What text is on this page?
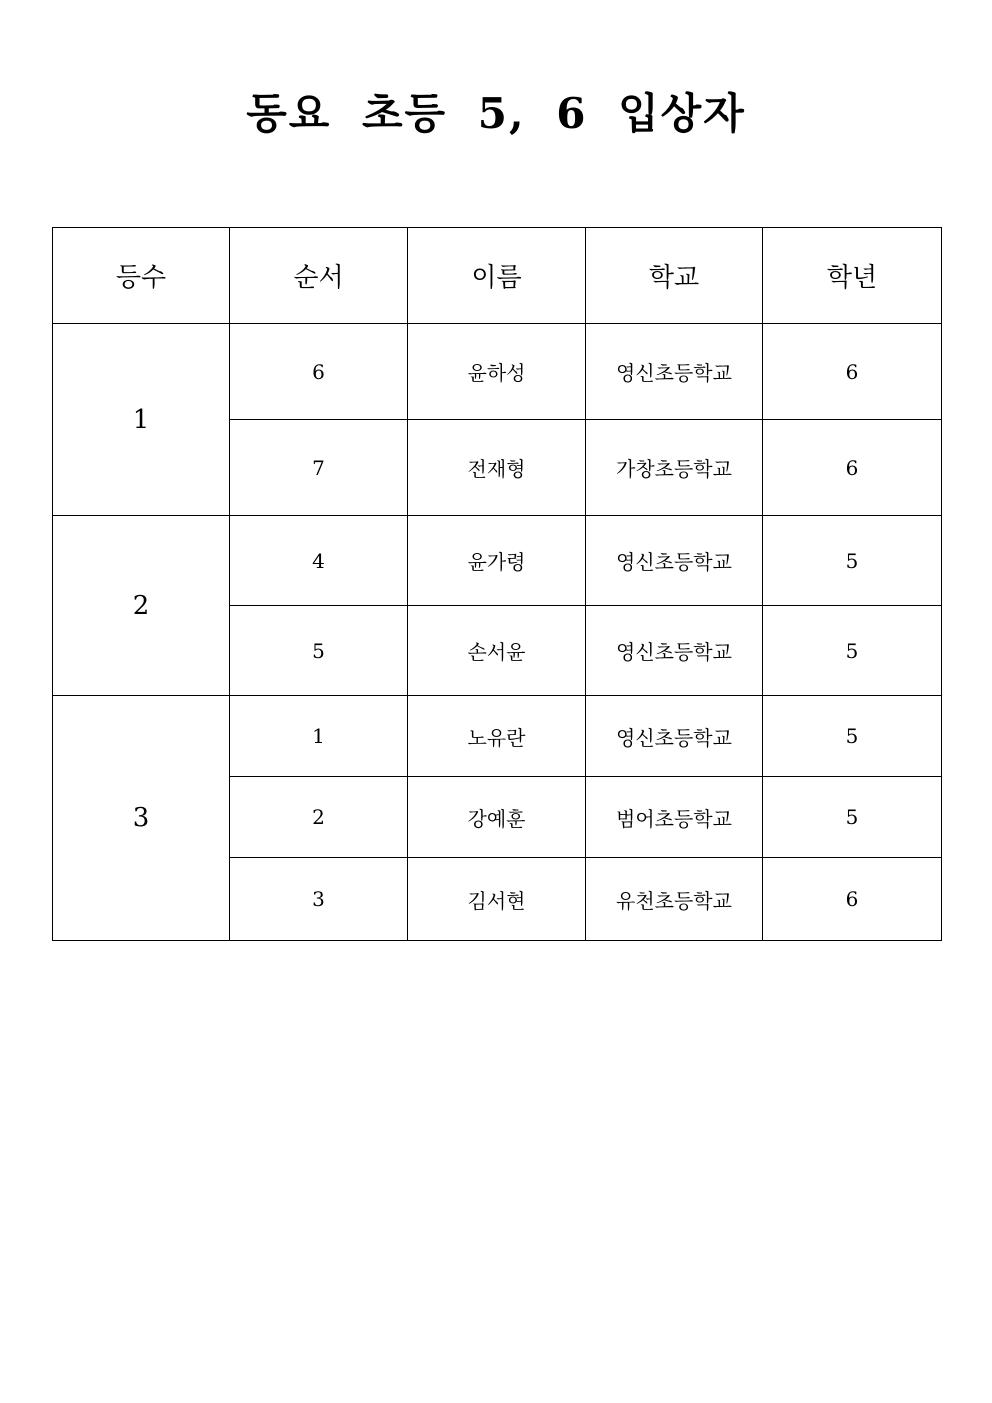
동요 초등 5, 6 입상자
등수	순서	이름	학교	학년
1	6	윤하성	영신초등학교	6
	7	전재형	가창초등학교	6
2	4	윤가령	영신초등학교	5
	5	손서윤	영신초등학교	5
3	1	노유란	영신초등학교	5
	2	강예훈	범어초등학교	5
	3	김서현	유천초등학교	6
